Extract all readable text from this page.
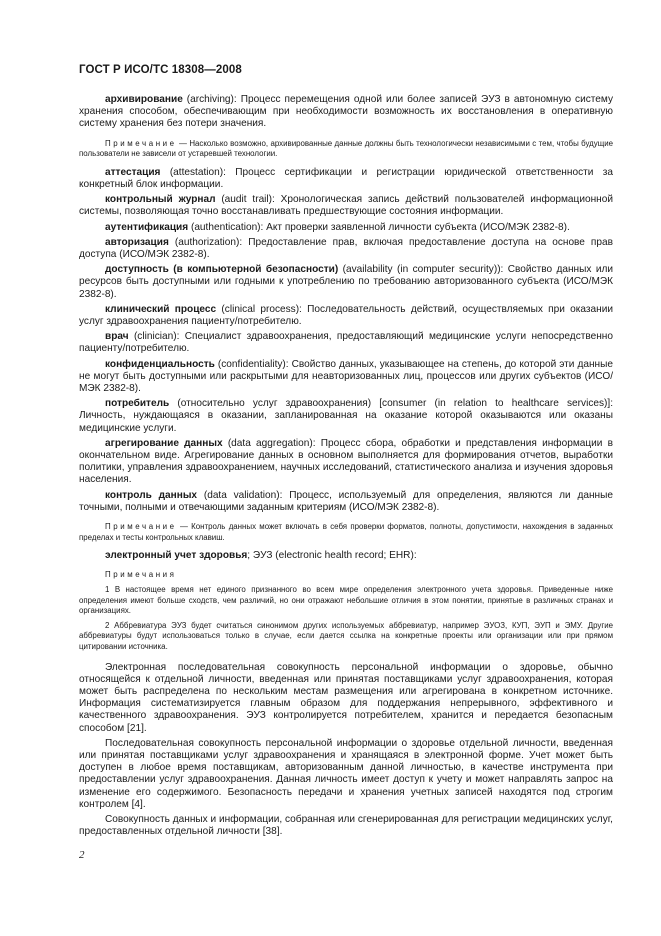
ГОСТ Р ИСО/ТС 18308—2008

архивирование (archiving): Процесс перемещения одной или более записей ЭУЗ в автономную систему хранения способом, обеспечивающим при необходимости возможность их восстановления в оперативную систему хранения без потери значения.

Примечание — Насколько возможно, архивированные данные должны быть технологически независимыми с тем, чтобы будущие пользователи не зависели от устаревшей технологии.

аттестация (attestation): Процесс сертификации и регистрации юридической ответственности за конкретный блок информации.

контрольный журнал (audit trail): Хронологическая запись действий пользователей информационной системы, позволяющая точно восстанавливать предшествующие состояния информации.

аутентификация (authentication): Акт проверки заявленной личности субъекта (ИСО/МЭК 2382-8).

авторизация (authorization): Предоставление прав, включая предоставление доступа на основе прав доступа (ИСО/МЭК 2382-8).

доступность (в компьютерной безопасности) (availability (in computer security)): Свойство данных или ресурсов быть доступными или годными к употреблению по требованию авторизованного субъекта (ИСО/МЭК 2382-8).

клинический процесс (clinical process): Последовательность действий, осуществляемых при оказании услуг здравоохранения пациенту/потребителю.

врач (clinician): Специалист здравоохранения, предоставляющий медицинские услуги непосредственно пациенту/потребителю.

конфиденциальность (confidentiality): Свойство данных, указывающее на степень, до которой эти данные не могут быть доступными или раскрытыми для неавторизованных лиц, процессов или других субъектов (ИСО/МЭК 2382-8).

потребитель (относительно услуг здравоохранения) [consumer (in relation to healthcare services)]: Личность, нуждающаяся в оказании, запланированная на оказание которой оказываются или оказаны медицинские услуги.

агрегирование данных (data aggregation): Процесс сбора, обработки и представления информации в окончательном виде. Агрегирование данных в основном выполняется для формирования отчетов, выработки политики, управления здравоохранением, научных исследований, статистического анализа и изучения здоровья населения.

контроль данных (data validation): Процесс, используемый для определения, являются ли данные точными, полными и отвечающими заданным критериям (ИСО/МЭК 2382-8).

Примечание — Контроль данных может включать в себя проверки форматов, полноты, допустимости, нахождения в заданных пределах и тесты контрольных клавиш.

электронный учет здоровья; ЭУЗ (electronic health record; EHR):

Примечания

1 В настоящее время нет единого признанного во всем мире определения электронного учета здоровья. Приведенные ниже определения имеют больше сходств, чем различий, но они отражают небольшие отличия в этом понятии, принятые в различных странах и организациях.

2 Аббревиатура ЭУЗ будет считаться синонимом других используемых аббревиатур, например ЭУОЗ, КУП, ЭУП и ЭМУ. Другие аббревиатуры будут использоваться только в случае, если дается ссылка на конкретные проекты или организации или при прямом цитировании источника.

Электронная последовательная совокупность персональной информации о здоровье, обычно относящейся к отдельной личности, введенная или принятая поставщиками услуг здравоохранения, которая может быть распределена по нескольким местам размещения или агрегирована в конкретном источнике. Информация систематизируется главным образом для поддержания непрерывного, эффективного и качественного здравоохранения. ЭУЗ контролируется потребителем, хранится и передается безопасным способом [21].

Последовательная совокупность персональной информации о здоровье отдельной личности, введенная или принятая поставщиками услуг здравоохранения и хранящаяся в электронной форме. Учет может быть доступен в любое время поставщикам, авторизованным данной личностью, в качестве инструмента при предоставлении услуг здравоохранения. Данная личность имеет доступ к учету и может направлять запрос на изменение его содержимого. Безопасность передачи и хранения учетных записей находятся под строгим контролем [4].

Совокупность данных и информации, собранная или сгенерированная для регистрации медицинских услуг, предоставленных отдельной личности [38].

2
